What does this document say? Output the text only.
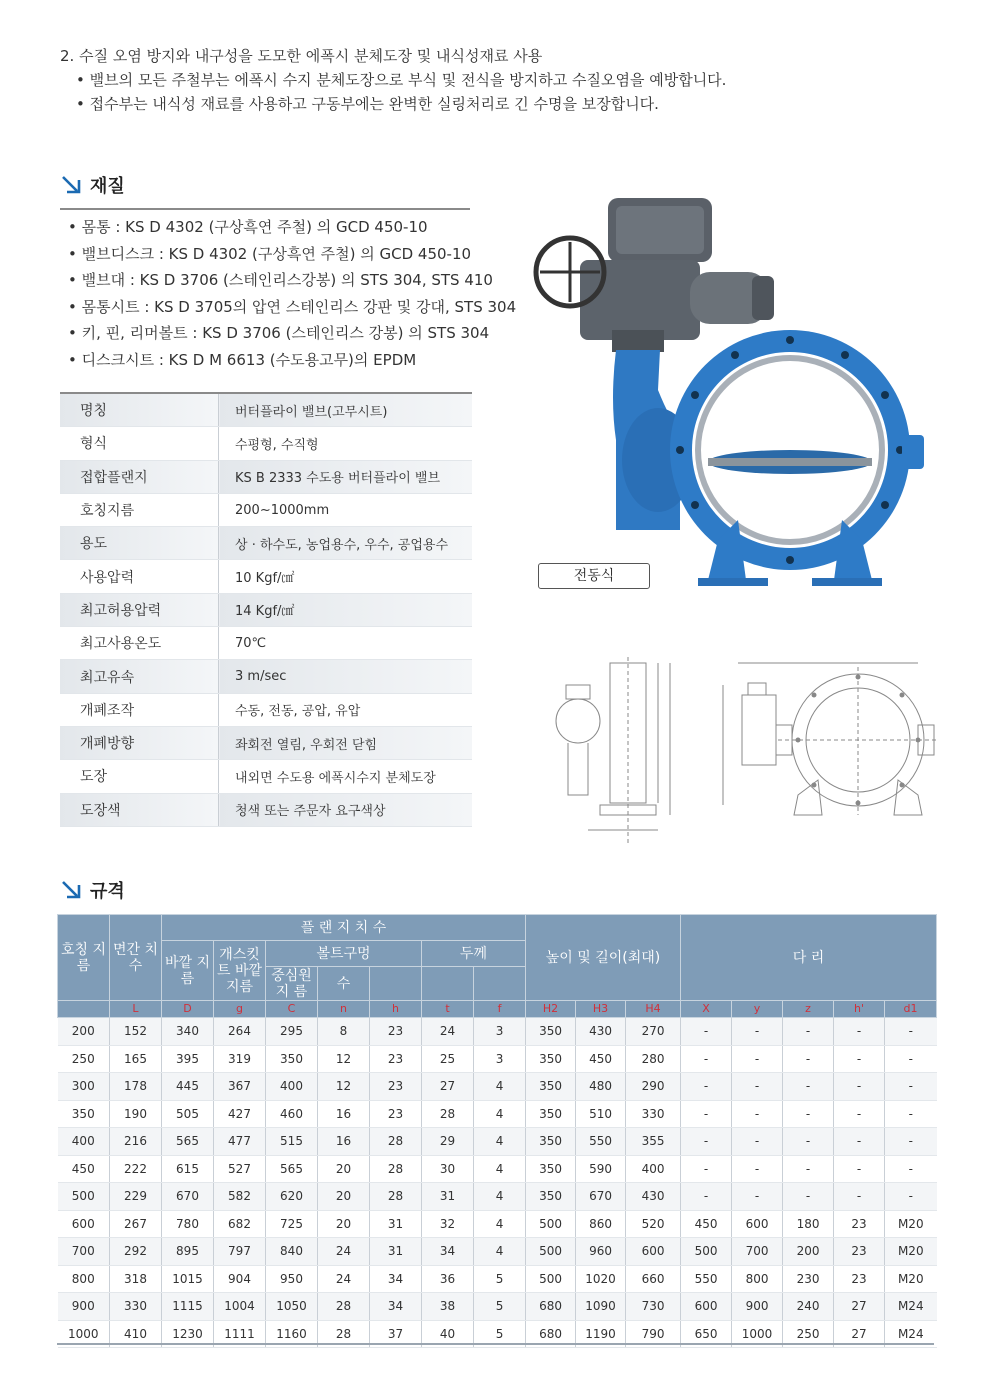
2. 수질 오염 방지와 내구성을 도모한 에폭시 분체도장 및 내식성재료 사용
• 밸브의 모든 주철부는 에폭시 수지 분체도장으로 부식 및 전식을 방지하고 수질오염을 예방합니다.
• 접수부는 내식성 재료를 사용하고 구동부에는 완벽한 실링처리로 긴 수명을 보장합니다.
재질
• 몸통 : KS D 4302 (구상흑연 주철) 의 GCD 450-10
• 밸브디스크 : KS D 4302 (구상흑연 주철) 의 GCD 450-10
• 밸브대 : KS D 3706 (스테인리스강봉) 의 STS 304, STS 410
• 몸통시트 : KS D 3705의 압연 스테인리스 강판 및 강대, STS 304
• 키, 핀, 리머볼트 : KS D 3706 (스테인리스 강봉) 의 STS 304
• 디스크시트 : KS D M 6613 (수도용고무)의 EPDM
명칭	버터플라이 밸브(고무시트)
형식	수평형, 수직형
접합플랜지	KS B 2333 수도용 버터플라이 밸브
호칭지름	200~1000mm
용도	상 · 하수도, 농업용수, 우수, 공업용수
사용압력	10 Kgf/㎠
최고허용압력	14 Kgf/㎠
최고사용온도	70℃
최고유속	3 m/sec
개폐조작	수동, 전동, 공압, 유압
개폐방향	좌회전 열림, 우회전 닫힘
도장	내외면 수도용 에폭시수지 분체도장
도장색	청색 또는 주문자 요구색상
전동식
규격
호칭 지름	면간 치수	플 랜 지 치 수							높이 및 길이(최대)			다 리				
		바깥 지름	개스킷트 바깥지름	볼트구멍			두께									
				중심원 지 름	수											
	L	D	g	C	n	h	t	f	H2	H3	H4	X	y	z	h'	d1
200	152	340	264	295	8	23	24	3	350	430	270	-	-	-	-	-
250	165	395	319	350	12	23	25	3	350	450	280	-	-	-	-	-
300	178	445	367	400	12	23	27	4	350	480	290	-	-	-	-	-
350	190	505	427	460	16	23	28	4	350	510	330	-	-	-	-	-
400	216	565	477	515	16	28	29	4	350	550	355	-	-	-	-	-
450	222	615	527	565	20	28	30	4	350	590	400	-	-	-	-	-
500	229	670	582	620	20	28	31	4	350	670	430	-	-	-	-	-
600	267	780	682	725	20	31	32	4	500	860	520	450	600	180	23	M20
700	292	895	797	840	24	31	34	4	500	960	600	500	700	200	23	M20
800	318	1015	904	950	24	34	36	5	500	1020	660	550	800	230	23	M20
900	330	1115	1004	1050	28	34	38	5	680	1090	730	600	900	240	27	M24
1000	410	1230	1111	1160	28	37	40	5	680	1190	790	650	1000	250	27	M24
